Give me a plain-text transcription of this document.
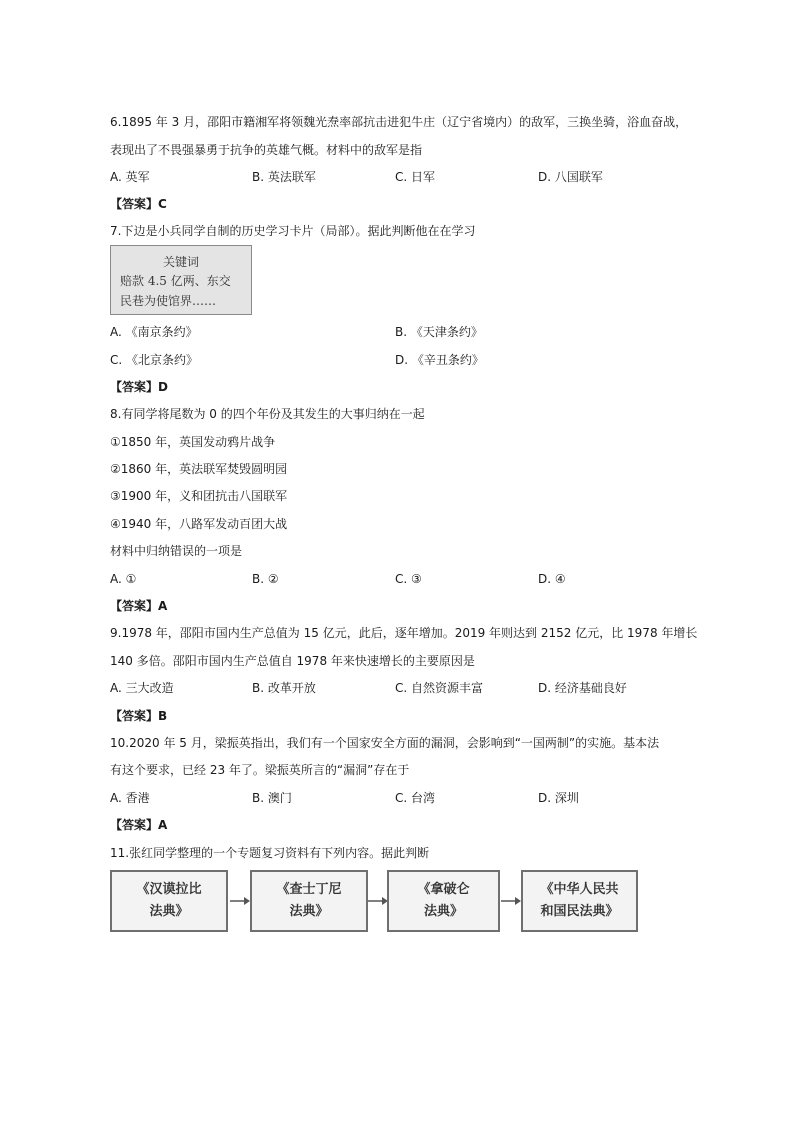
6.1895 年 3 月，邵阳市籍湘军将领魏光焘率部抗击进犯牛庄（辽宁省境内）的敌军，三换坐骑，浴血奋战，
表现出了不畏强暴勇于抗争的英雄气概。材料中的敌军是指
A. 英军	B. 英法联军	C. 日军	D. 八国联军
【答案】C
7.下边是小兵同学自制的历史学习卡片（局部）。据此判断他在在学习
关键词
赔款 4.5 亿两、东交
民巷为使馆界……
A. 《南京条约》	B. 《天津条约》
C. 《北京条约》	D. 《辛丑条约》
【答案】D
8.有同学将尾数为 0 的四个年份及其发生的大事归纳在一起
①1850 年，英国发动鸦片战争
②1860 年，英法联军焚毁圆明园
③1900 年，义和团抗击八国联军
④1940 年，八路军发动百团大战
材料中归纳错误的一项是
A. ①	B. ②	C. ③	D. ④
【答案】A
9.1978 年，邵阳市国内生产总值为 15 亿元，此后，逐年增加。2019 年则达到 2152 亿元，比 1978 年增长
140 多倍。邵阳市国内生产总值自 1978 年来快速增长的主要原因是
A. 三大改造	B. 改革开放	C. 自然资源丰富	D. 经济基础良好
【答案】B
10.2020 年 5 月，梁振英指出，我们有一个国家安全方面的漏洞，会影响到“一国两制”的实施。基本法
有这个要求，已经 23 年了。梁振英所言的“漏洞”存在于
A. 香港	B. 澳门	C. 台湾	D. 深圳
【答案】A
11.张红同学整理的一个专题复习资料有下列内容。据此判断
《汉谟拉比
法典》
《查士丁尼
法典》
《拿破仑
法典》
《中华人民共
和国民法典》
